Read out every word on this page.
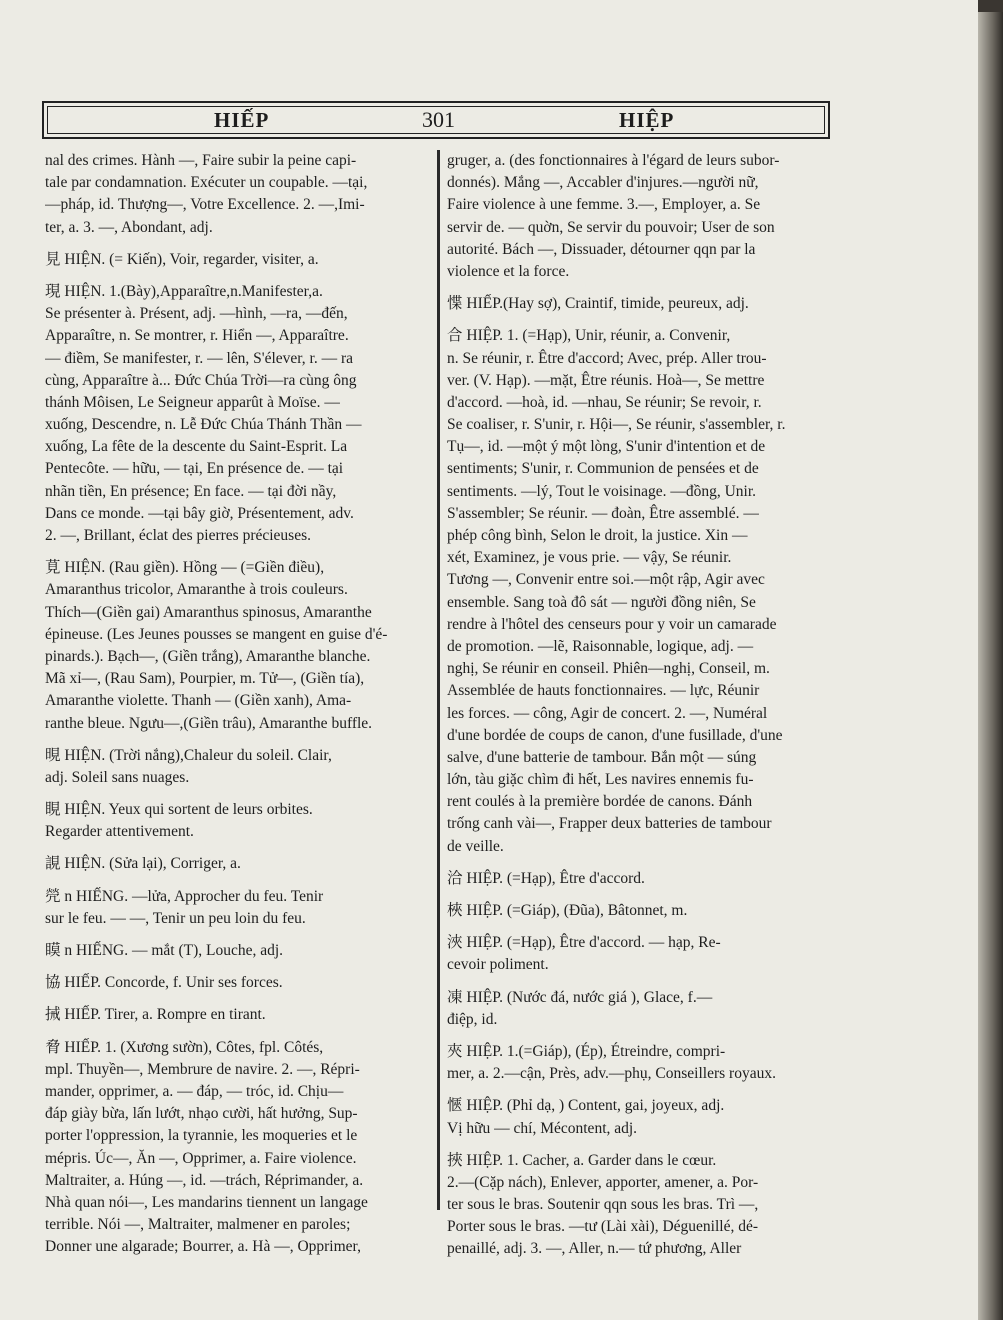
HIẾP	301	HIỆP
nal des crimes. Hành —, Faire subir la peine capi-
tale par condamnation. Exécuter un coupable. —tại,
—pháp, id. Thượng—, Votre Excellence. 2. —,Imi-
ter, a. 3. —, Abondant, adj.
見 HIỆN. (= Kiến), Voir, regarder, visiter, a.
現 HIỆN. 1.(Bày),Apparaître,n.Manifester,a.
Se présenter à. Présent, adj. —hình, —ra, —đến,
Apparaître, n. Se montrer, r. Hiển —, Apparaître.
— điềm, Se manifester, r. — lên, S'élever, r. — ra
cùng, Apparaître à... Đức Chúa Trời—ra cùng ông
thánh Môisen, Le Seigneur apparût à Moïse. —
xuống, Descendre, n. Lễ Đức Chúa Thánh Thần —
xuống, La fête de la descente du Saint-Esprit. La
Pentecôte. — hữu, — tại, En présence de. — tại
nhãn tiền, En présence; En face. — tại đời nầy,
Dans ce monde. —tại bây giờ, Présentement, adv.
2. —, Brillant, éclat des pierres précieuses.
莧 HIỆN. (Rau giền). Hồng — (=Giền điều),
Amaranthus tricolor, Amaranthe à trois couleurs.
Thích—(Giền gai) Amaranthus spinosus, Amaranthe
épineuse. (Les Jeunes pousses se mangent en guise d'é-
pinards.). Bạch—, (Giền trắng), Amaranthe blanche.
Mã xỉ—, (Rau Sam), Pourpier, m. Tử—, (Giền tía),
Amaranthe violette. Thanh — (Giền xanh), Ama-
ranthe bleue. Ngưu—,(Giền trâu), Amaranthe buffle.
晛 HIỆN. (Trời nắng),Chaleur du soleil. Clair,
adj. Soleil sans nuages.
睍 HIỆN. Yeux qui sortent de leurs orbites.
Regarder attentivement.
誢 HIỆN. (Sửa lại), Corriger, a.
焭 n HIẾNG. —lửa, Approcher du feu. Tenir
sur le feu. — —, Tenir un peu loin du feu.
瞙 n HIẾNG. — mắt (T), Louche, adj.
協 HIẾP. Concorde, f. Unir ses forces.
𢬿 HIẾP. Tirer, a. Rompre en tirant.
脅 HIẾP. 1. (Xương sườn), Côtes, fpl. Côtés,
mpl. Thuyền—, Membrure de navire. 2. —, Répri-
mander, opprimer, a. — đáp, — tróc, id. Chịu—
đáp giày bừa, lấn lướt, nhạo cười, hất hưởng, Sup-
porter l'oppression, la tyrannie, les moqueries et le
mépris. Úc—, Ăn —, Opprimer, a. Faire violence.
Maltraiter, a. Húng —, id. —trách, Réprimander, a.
Nhà quan nói—, Les mandarins tiennent un langage
terrible. Nói —, Maltraiter, malmener en paroles;
Donner une algarade; Bourrer, a. Hà —, Opprimer,
gruger, a. (des fonctionnaires à l'égard de leurs subor-
donnés). Mắng —, Accabler d'injures.—người nữ,
Faire violence à une femme. 3.—, Employer, a. Se
servir de. — quờn, Se servir du pouvoir; User de son
autorité. Bách —, Dissuader, détourner qqn par la
violence et la force.
惵 HIẾP.(Hay sợ), Craintif, timide, peureux, adj.
合 HIỆP. 1. (=Hạp), Unir, réunir, a. Convenir,
n. Se réunir, r. Être d'accord; Avec, prép. Aller trou-
ver. (V. Hạp). —mặt, Être réunis. Hoà—, Se mettre
d'accord. —hoà, id. —nhau, Se réunir; Se revoir, r.
Se coaliser, r. S'unir, r. Hội—, Se réunir, s'assembler, r.
Tụ—, id. —một ý một lòng, S'unir d'intention et de
sentiments; S'unir, r. Communion de pensées et de
sentiments. —lý, Tout le voisinage. —đồng, Unir.
S'assembler; Se réunir. — đoàn, Être assemblé. —
phép công bình, Selon le droit, la justice. Xin —
xét, Examinez, je vous prie. — vậy, Se réunir.
Tương —, Convenir entre soi.—một rập, Agir avec
ensemble. Sang toà đô sát — người đồng niên, Se
rendre à l'hôtel des censeurs pour y voir un camarade
de promotion. —lẽ, Raisonnable, logique, adj. —
nghị, Se réunir en conseil. Phiên—nghị, Conseil, m.
Assemblée de hauts fonctionnaires. — lực, Réunir
les forces. — công, Agir de concert. 2. —, Numéral
d'une bordée de coups de canon, d'une fusillade, d'une
salve, d'une batterie de tambour. Bắn một — súng
lớn, tàu giặc chìm đi hết, Les navires ennemis fu-
rent coulés à la première bordée de canons. Đánh
trống canh vài—, Frapper deux batteries de tambour
de veille.
洽 HIỆP. (=Hạp), Être d'accord.
梜 HIỆP. (=Giáp), (Đũa), Bâtonnet, m.
浹 HIỆP. (=Hạp), Être d'accord. — hạp, Re-
cevoir poliment.
凍 HIỆP. (Nước đá, nước giá ), Glace, f.—
điệp, id.
夾 HIỆP. 1.(=Giáp), (Ép), Étreindre, compri-
mer, a. 2.—cận, Près, adv.—phụ, Conseillers royaux.
愜 HIỆP. (Phỉ dạ, ) Content, gai, joyeux, adj.
Vị hữu — chí, Mécontent, adj.
挾 HIỆP. 1. Cacher, a. Garder dans le cœur.
2.—(Cặp nách), Enlever, apporter, amener, a. Por-
ter sous le bras. Soutenir qqn sous les bras. Trì —,
Porter sous le bras. —tư (Lài xài), Déguenillé, dé-
penaillé, adj. 3. —, Aller, n.— tứ phương, Aller
